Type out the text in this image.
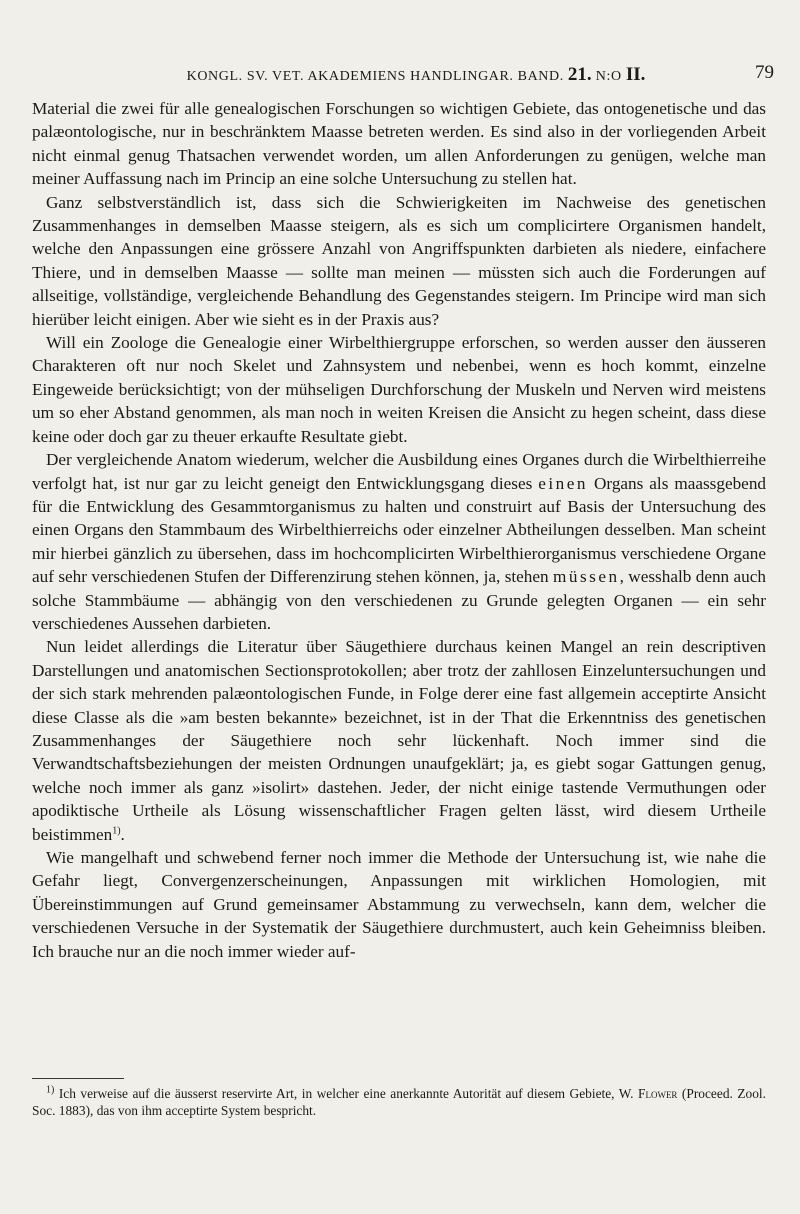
KONGL. SV. VET. AKADEMIENS HANDLINGAR. BAND. 21. N:O II.	79

Material die zwei für alle genealogischen Forschungen so wichtigen Gebiete, das ontogenetische und das palæontologische, nur in beschränktem Maasse betreten werden. Es sind also in der vorliegenden Arbeit nicht einmal genug Thatsachen verwendet worden, um allen Anforderungen zu genügen, welche man meiner Auffassung nach im Princip an eine solche Untersuchung zu stellen hat.

Ganz selbstverständlich ist, dass sich die Schwierigkeiten im Nachweise des genetischen Zusammenhanges in demselben Maasse steigern, als es sich um complicirtere Organismen handelt, welche den Anpassungen eine grössere Anzahl von Angriffspunkten darbieten als niedere, einfachere Thiere, und in demselben Maasse — sollte man meinen — müssten sich auch die Forderungen auf allseitige, vollständige, vergleichende Behandlung des Gegenstandes steigern. Im Principe wird man sich hierüber leicht einigen. Aber wie sieht es in der Praxis aus?

Will ein Zoologe die Genealogie einer Wirbelthiergruppe erforschen, so werden ausser den äusseren Charakteren oft nur noch Skelet und Zahnsystem und nebenbei, wenn es hoch kommt, einzelne Eingeweide berücksichtigt; von der mühseligen Durchforschung der Muskeln und Nerven wird meistens um so eher Abstand genommen, als man noch in weiten Kreisen die Ansicht zu hegen scheint, dass diese keine oder doch gar zu theuer erkaufte Resultate giebt.

Der vergleichende Anatom wiederum, welcher die Ausbildung eines Organes durch die Wirbelthierreihe verfolgt hat, ist nur gar zu leicht geneigt den Entwicklungsgang dieses einen Organs als maassgebend für die Entwicklung des Gesammtorganismus zu halten und construirt auf Basis der Untersuchung des einen Organs den Stammbaum des Wirbelthierreichs oder einzelner Abtheilungen desselben. Man scheint mir hierbei gänzlich zu übersehen, dass im hochcomplicirten Wirbelthierorganismus verschiedene Organe auf sehr verschiedenen Stufen der Differenzirung stehen können, ja, stehen müssen, wesshalb denn auch solche Stammbäume — abhängig von den verschiedenen zu Grunde gelegten Organen — ein sehr verschiedenes Aussehen darbieten.

Nun leidet allerdings die Literatur über Säugethiere durchaus keinen Mangel an rein descriptiven Darstellungen und anatomischen Sectionsprotokollen; aber trotz der zahllosen Einzeluntersuchungen und der sich stark mehrenden palæontologischen Funde, in Folge derer eine fast allgemein acceptirte Ansicht diese Classe als die »am besten bekannte» bezeichnet, ist in der That die Erkenntniss des genetischen Zusammenhanges der Säugethiere noch sehr lückenhaft. Noch immer sind die Verwandtschaftsbeziehungen der meisten Ordnungen unaufgeklärt; ja, es giebt sogar Gattungen genug, welche noch immer als ganz »isolirt» dastehen. Jeder, der nicht einige tastende Vermuthungen oder apodiktische Urtheile als Lösung wissenschaftlicher Fragen gelten lässt, wird diesem Urtheile beistimmen$^{1)}$.

Wie mangelhaft und schwebend ferner noch immer die Methode der Untersuchung ist, wie nahe die Gefahr liegt, Convergenzerscheinungen, Anpassungen mit wirklichen Homologien, mit Übereinstimmungen auf Grund gemeinsamer Abstammung zu verwechseln, kann dem, welcher die verschiedenen Versuche in der Systematik der Säugethiere durchmustert, auch kein Geheimniss bleiben. Ich brauche nur an die noch immer wieder auf-

$^{1)}$ Ich verweise auf die äusserst reservirte Art, in welcher eine anerkannte Autorität auf diesem Gebiete, W. Flower (Proceed. Zool. Soc. 1883), das von ihm acceptirte System bespricht.
